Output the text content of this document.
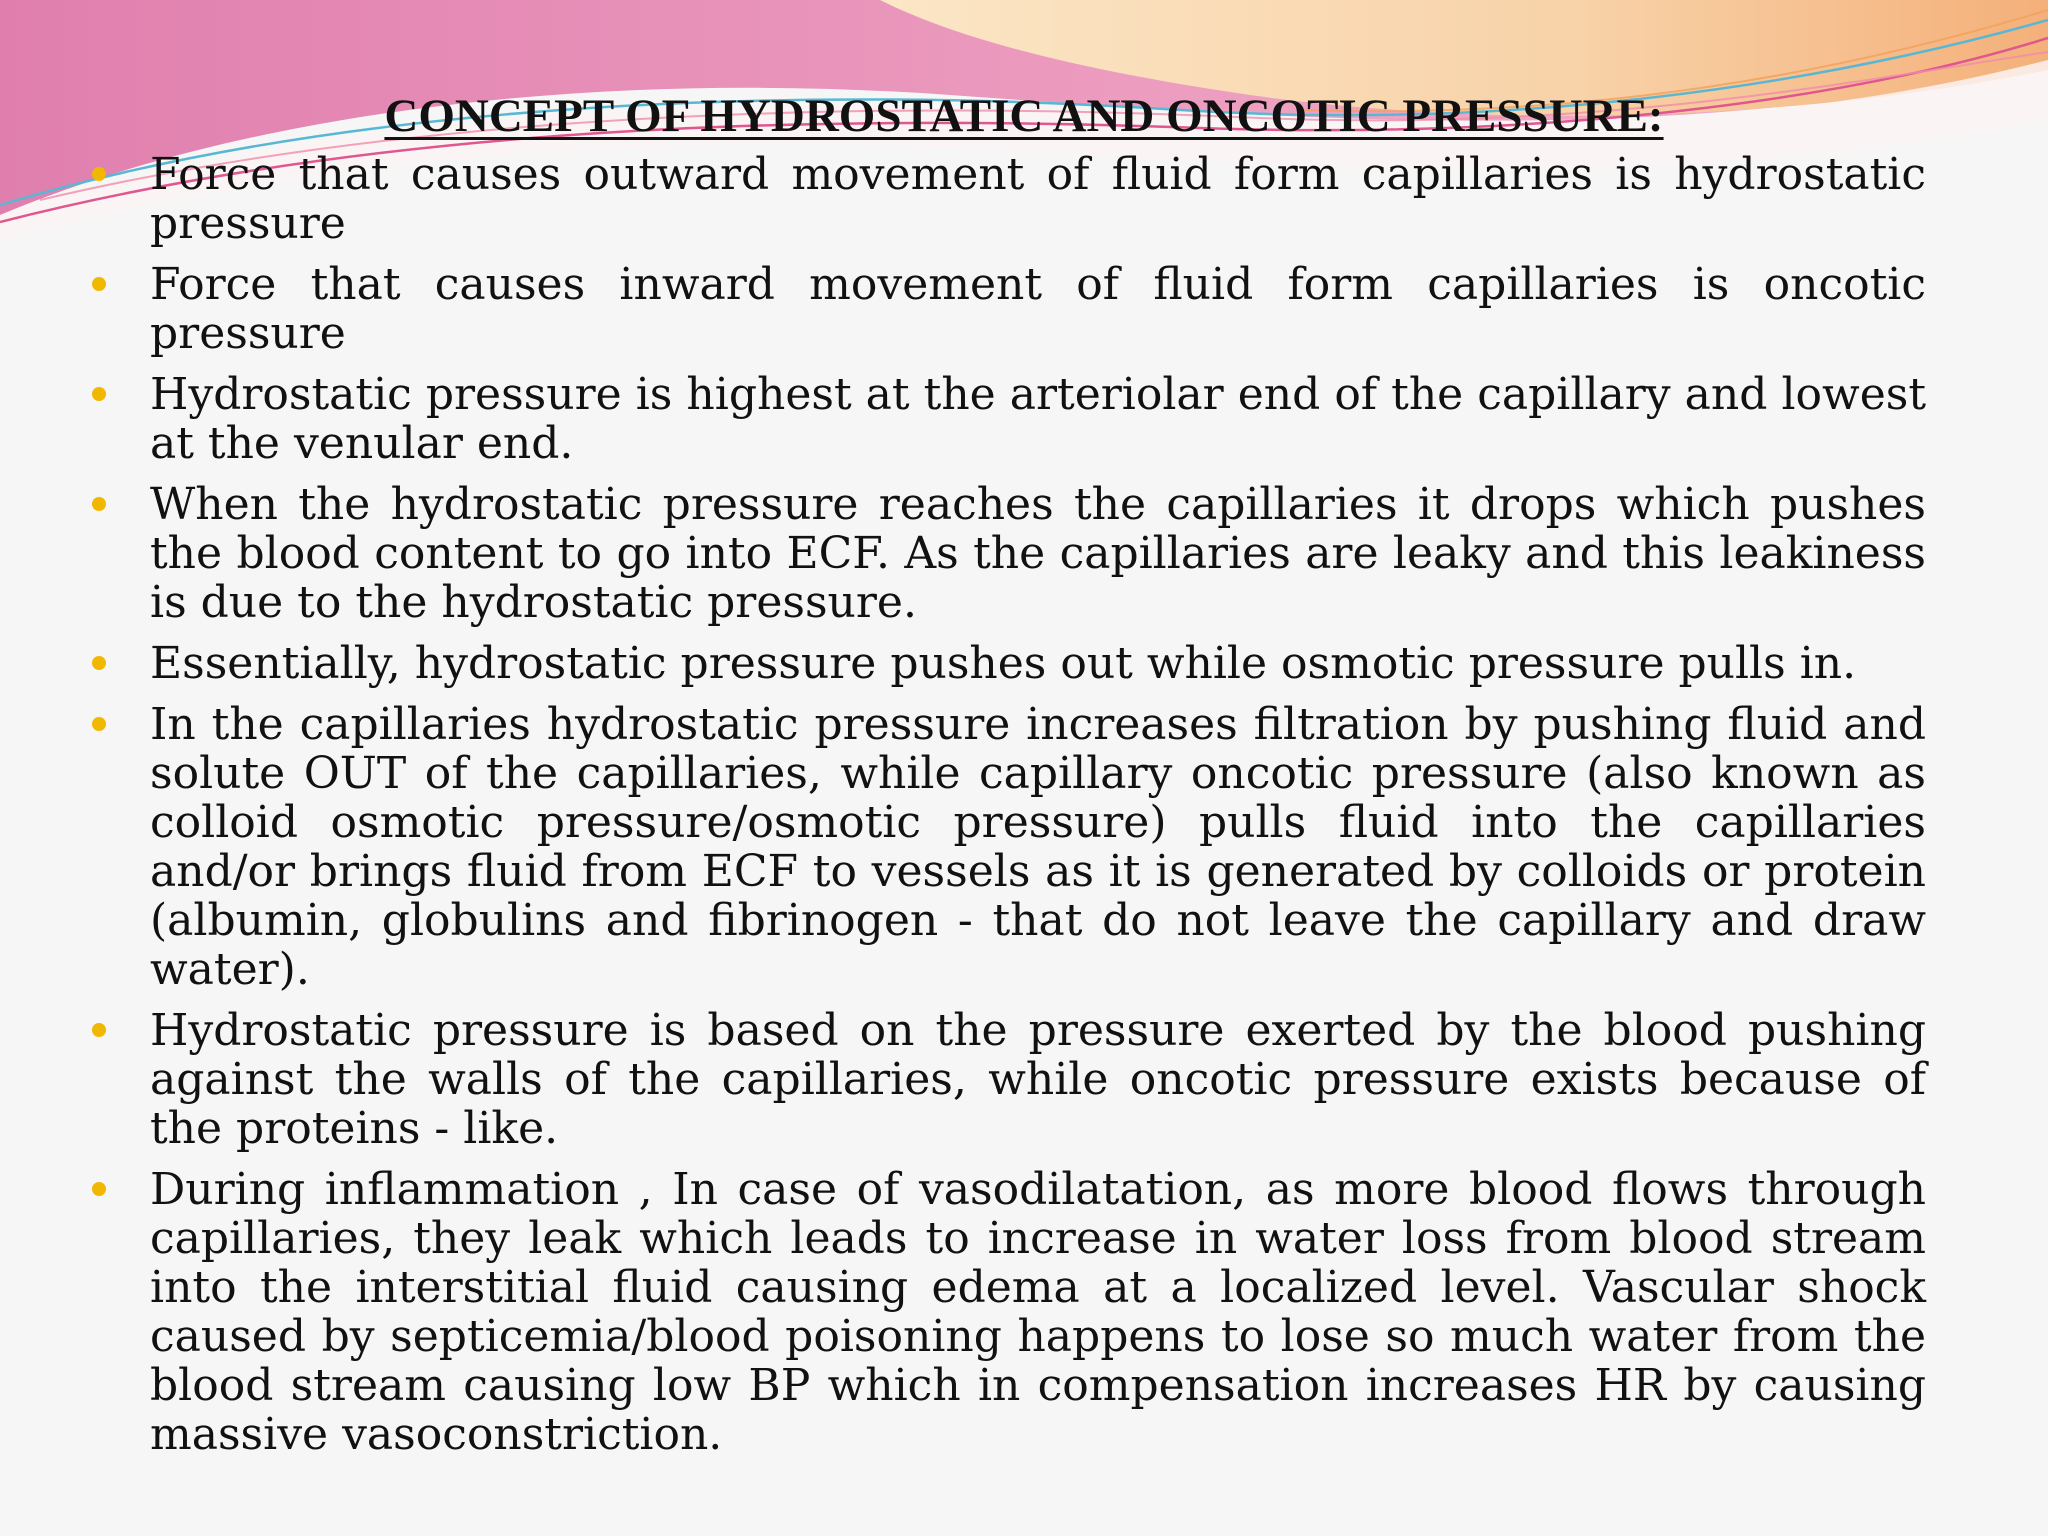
CONCEPT OF HYDROSTATIC AND ONCOTIC PRESSURE:
Force that causes outward movement of fluid form capillaries is hydrostatic pressure
Force that causes inward movement of fluid form capillaries is oncotic pressure
Hydrostatic pressure is highest at the arteriolar end of the capillary and lowest at the venular end.
When the hydrostatic pressure reaches the capillaries it drops which pushes the blood content to go into ECF. As the capillaries are leaky and this leakiness is due to the hydrostatic pressure.
Essentially, hydrostatic pressure pushes out while osmotic pressure pulls in.
In the capillaries hydrostatic pressure increases filtration by pushing fluid and solute OUT of the capillaries, while capillary oncotic pressure (also known as colloid osmotic pressure/osmotic pressure) pulls fluid into the capillaries and/or brings fluid from ECF to vessels as it is generated by colloids or protein (albumin, globulins and fibrinogen - that do not leave the capillary and draw water).
Hydrostatic pressure is based on the pressure exerted by the blood pushing against the walls of the capillaries, while oncotic pressure exists because of the proteins - like.
During inflammation , In case of vasodilatation, as more blood flows through capillaries, they leak which leads to increase in water loss from blood stream into the interstitial fluid causing edema at a localized level. Vascular shock caused by septicemia/blood poisoning happens to lose so much water from the blood stream causing low BP which in compensation increases HR by causing massive vasoconstriction.
